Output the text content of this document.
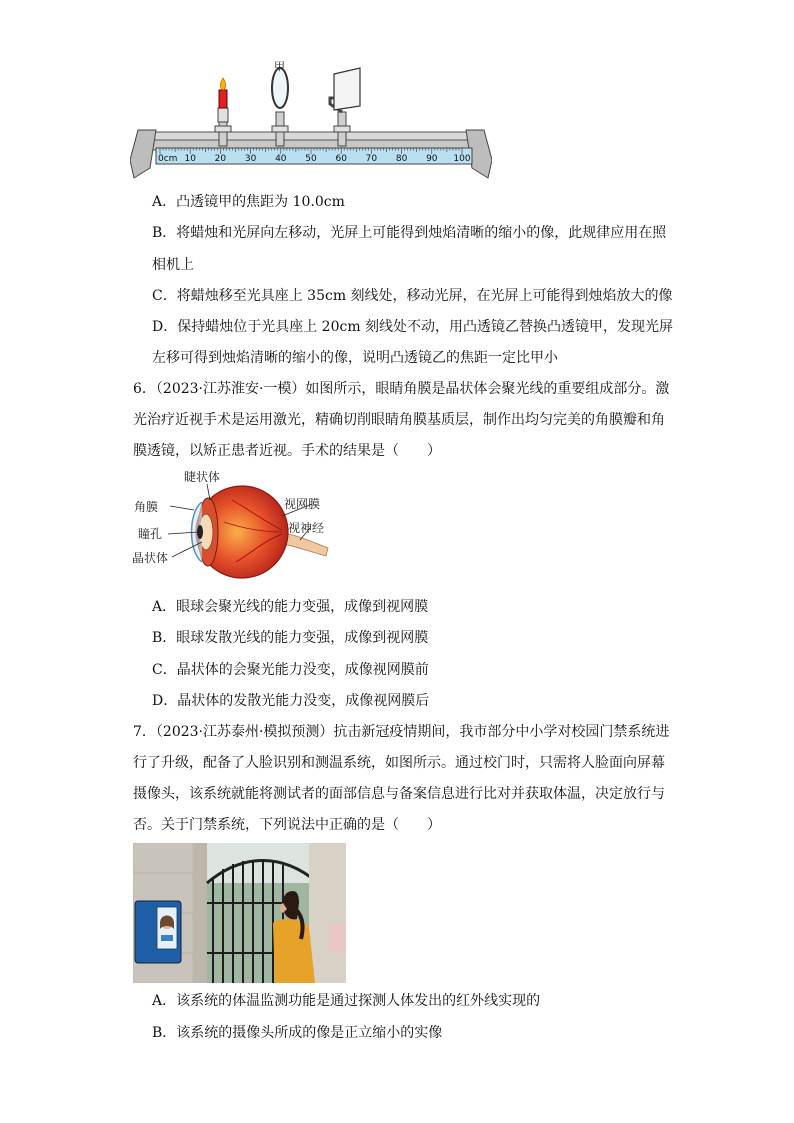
0cm 10 20 30 40 50 60 70 80 90 100
甲
A．凸透镜甲的焦距为 10.0cm
B．将蜡烛和光屏向左移动，光屏上可能得到烛焰清晰的缩小的像，此规律应用在照
相机上
C．将蜡烛移至光具座上 35cm 刻线处，移动光屏，在光屏上可能得到烛焰放大的像
D．保持蜡烛位于光具座上 20cm 刻线处不动，用凸透镜乙替换凸透镜甲，发现光屏
左移可得到烛焰清晰的缩小的像，说明凸透镜乙的焦距一定比甲小
6．（2023·江苏淮安·一模）如图所示，眼睛角膜是晶状体会聚光线的重要组成部分。激
光治疗近视手术是运用激光，精确切削眼睛角膜基质层，制作出均匀完美的角膜瓣和角
膜透镜，以矫正患者近视。手术的结果是（　　）
睫状体
角膜
瞳孔
晶状体
视网膜
视神经
A．眼球会聚光线的能力变强，成像到视网膜
B．眼球发散光线的能力变强，成像到视网膜
C．晶状体的会聚光能力没变，成像视网膜前
D．晶状体的发散光能力没变，成像视网膜后
7．（2023·江苏泰州·模拟预测）抗击新冠疫情期间，我市部分中小学对校园门禁系统进
行了升级，配备了人脸识别和测温系统，如图所示。通过校门时，只需将人脸面向屏幕
摄像头，该系统就能将测试者的面部信息与备案信息进行比对并获取体温，决定放行与
否。关于门禁系统，下列说法中正确的是（　　）
A．该系统的体温监测功能是通过探测人体发出的红外线实现的
B．该系统的摄像头所成的像是正立缩小的实像
